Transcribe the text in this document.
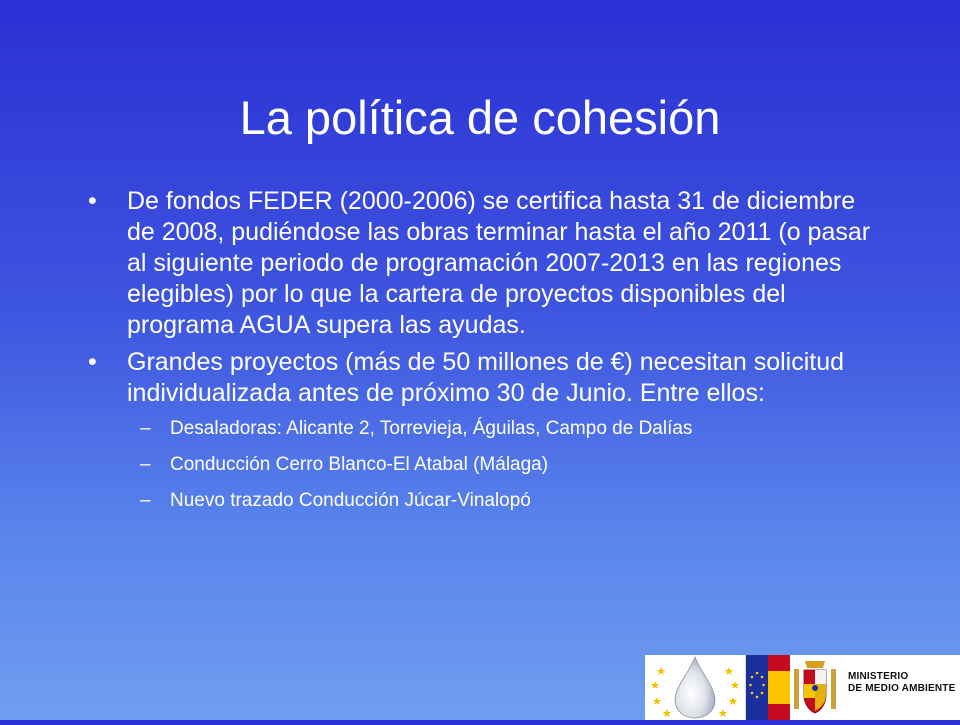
La política de cohesión
• De fondos FEDER (2000-2006) se certifica hasta 31 de diciembre de 2008, pudiéndose las obras terminar hasta el año 2011 (o pasar al siguiente periodo de programación 2007-2013 en las regiones elegibles) por lo que la cartera de proyectos disponibles del programa AGUA supera las ayudas.
• Grandes proyectos (más de 50 millones de €) necesitan solicitud individualizada antes de próximo 30 de Junio. Entre ellos:
– Desaladoras: Alicante 2, Torrevieja, Águilas, Campo de Dalías
– Conducción Cerro Blanco-El Atabal (Málaga)
– Nuevo trazado Conducción Júcar-Vinalopó
MINISTERIO
DE MEDIO AMBIENTE
